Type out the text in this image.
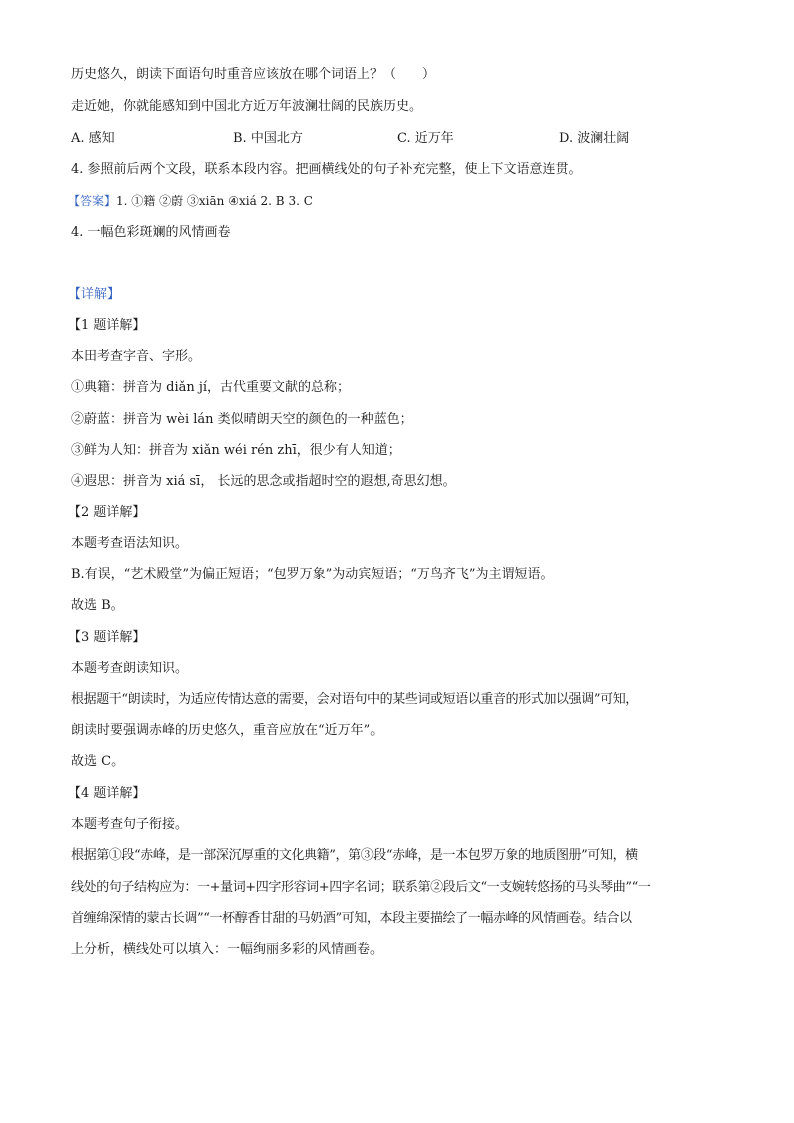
历史悠久，朗读下面语句时重音应该放在哪个词语上？（　　）
走近她，你就能感知到中国北方近万年波澜壮阔的民族历史。
A. 感知	B. 中国北方	C. 近万年	D. 波澜壮阔
4. 参照前后两个文段，联系本段内容。把画横线处的句子补充完整，使上下文语意连贯。
【答案】1. ①籍 ②蔚 ③xiān ④xiá 2. B 3. C
4. 一幅色彩斑斓的风情画卷
【详解】
【1 题详解】
本田考查字音、字形。
①典籍：拼音为 diǎn jí，古代重要文献的总称；
②蔚蓝：拼音为 wèi lán 类似晴朗天空的颜色的一种蓝色；
③鲜为人知：拼音为 xiǎn wéi rén zhī，很少有人知道；
④遐思：拼音为 xiá sī， 长远的思念或指超时空的遐想,奇思幻想。
【2 题详解】
本题考查语法知识。
B.有误，“艺术殿堂”为偏正短语；“包罗万象”为动宾短语；“万鸟齐飞”为主谓短语。
故选 B。
【3 题详解】
本题考查朗读知识。
根据题干“朗读时，为适应传情达意的需要，会对语句中的某些词或短语以重音的形式加以强调”可知，
朗读时要强调赤峰的历史悠久，重音应放在“近万年”。
故选 C。
【4 题详解】
本题考查句子衔接。
根据第①段“赤峰，是一部深沉厚重的文化典籍”，第③段“赤峰，是一本包罗万象的地质图册”可知，横
线处的句子结构应为：一+量词+四字形容词+四字名词；联系第②段后文“一支婉转悠扬的马头琴曲”“一
首缠绵深情的蒙古长调”“一杯醇香甘甜的马奶酒”可知，本段主要描绘了一幅赤峰的风情画卷。结合以
上分析，横线处可以填入：一幅绚丽多彩的风情画卷。
